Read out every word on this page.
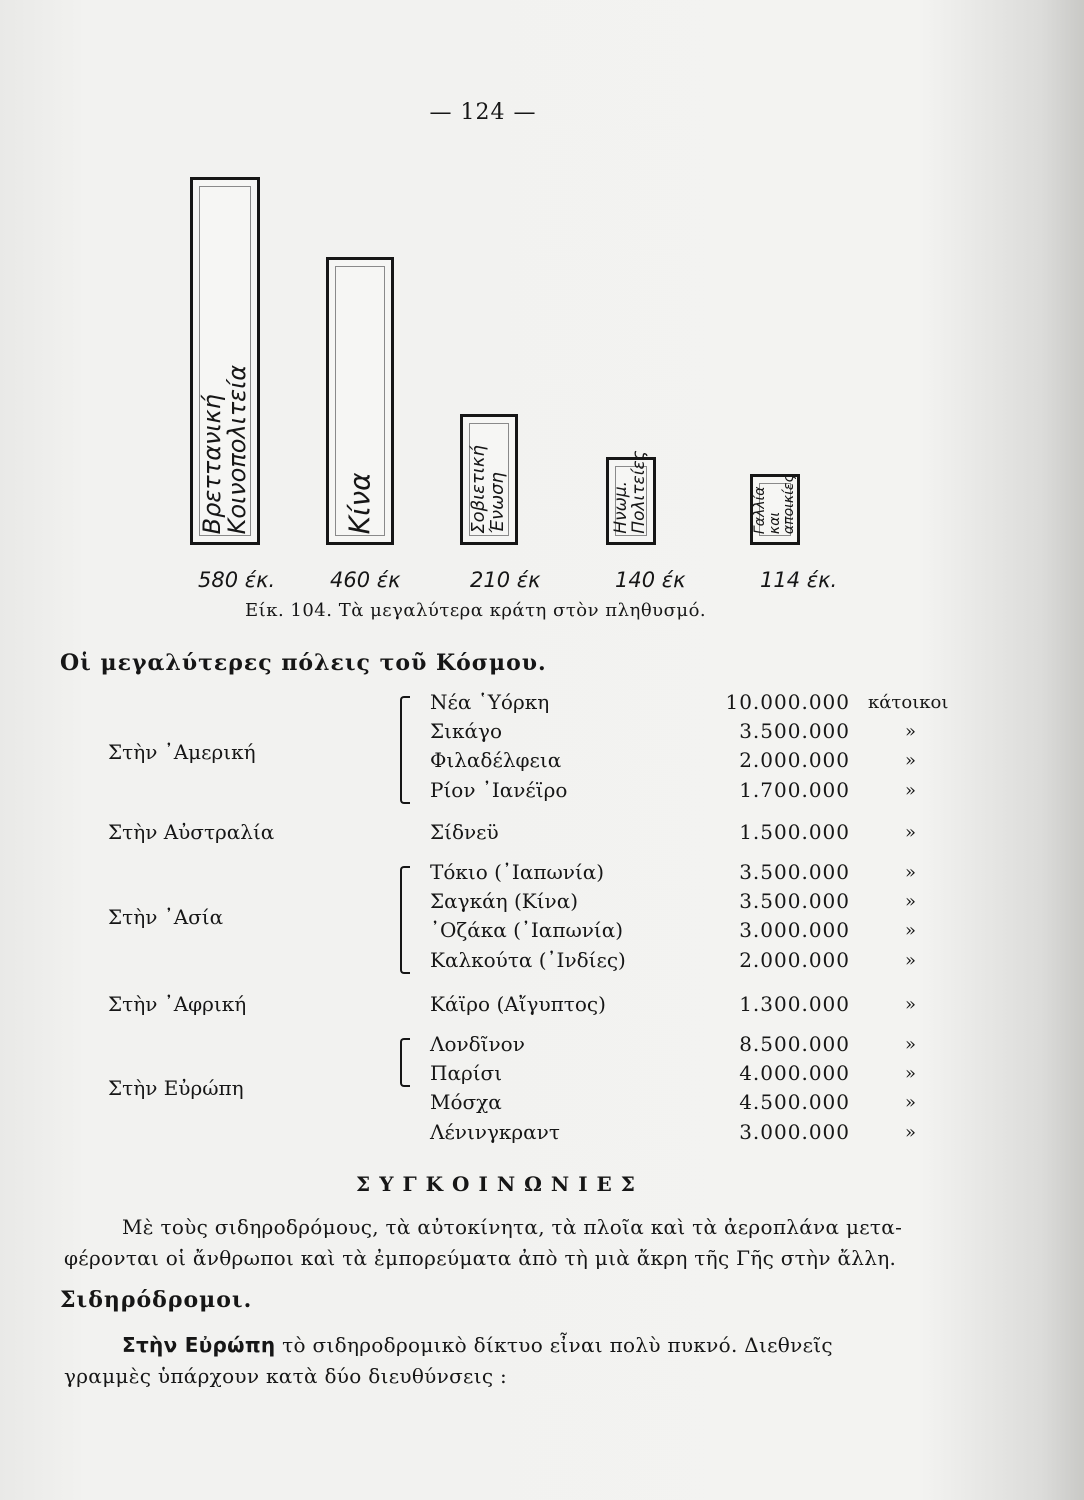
— 124 —
Βρεττανική
Κοινοπολιτεία
580 έκ.
Κίνα
460 έκ
Σοβιετική
Ένωση
210 έκ
Ηνωμ.
Πολιτείες
140 έκ
Γαλλία
και
αποικίες
114 έκ.
Είκ. 104. Τὰ μεγαλύτερα κράτη στὸν πληθυσμό.
Οἱ μεγαλύτερες πόλεις τοῦ Κόσμου.
Στὴν ᾽Αμερική
Νέα ῾Υόρκη	10.000.000 κάτοικοι
Σικάγο	3.500.000	»
Φιλαδέλφεια	2.000.000	»
Ρίον ᾽Ιανέϊρο	1.700.000	»
Στὴν Αὐστραλία	Σίδνεϋ	1.500.000	»
Στὴν ᾽Ασία
Τόκιο (᾽Ιαπωνία)	3.500.000	»
Σαγκάη (Κίνα)	3.500.000	»
᾽Οζάκα (᾽Ιαπωνία)	3.000.000	»
Καλκούτα (᾽Ινδίες)	2.000.000	»
Στὴν ᾽Αφρική	Κάϊρο (Αἴγυπτος)	1.300.000	»
Στὴν Εὐρώπη
Λονδῖνον	8.500.000	»
Παρίσι	4.000.000	»
Μόσχα	4.500.000	»
Λένινγκραντ	3.000.000	»
ΣΥΓΚΟΙΝΩΝΙΕΣ
Μὲ τοὺς σιδηροδρόμους, τὰ αὐτοκίνητα, τὰ πλοῖα καὶ τὰ ἀεροπλάνα μετα-
φέρονται οἱ ἄνθρωποι καὶ τὰ ἐμπορεύματα ἀπὸ τὴ μιὰ ἄκρη τῆς Γῆς στὴν ἄλλη.
Σιδηρόδρομοι.
Στὴν Εὐρώπη τὸ σιδηροδρομικὸ δίκτυο εἶναι πολὺ πυκνό. Διεθνεῖς
γραμμὲς ὑπάρχουν κατὰ δύο διευθύνσεις :
